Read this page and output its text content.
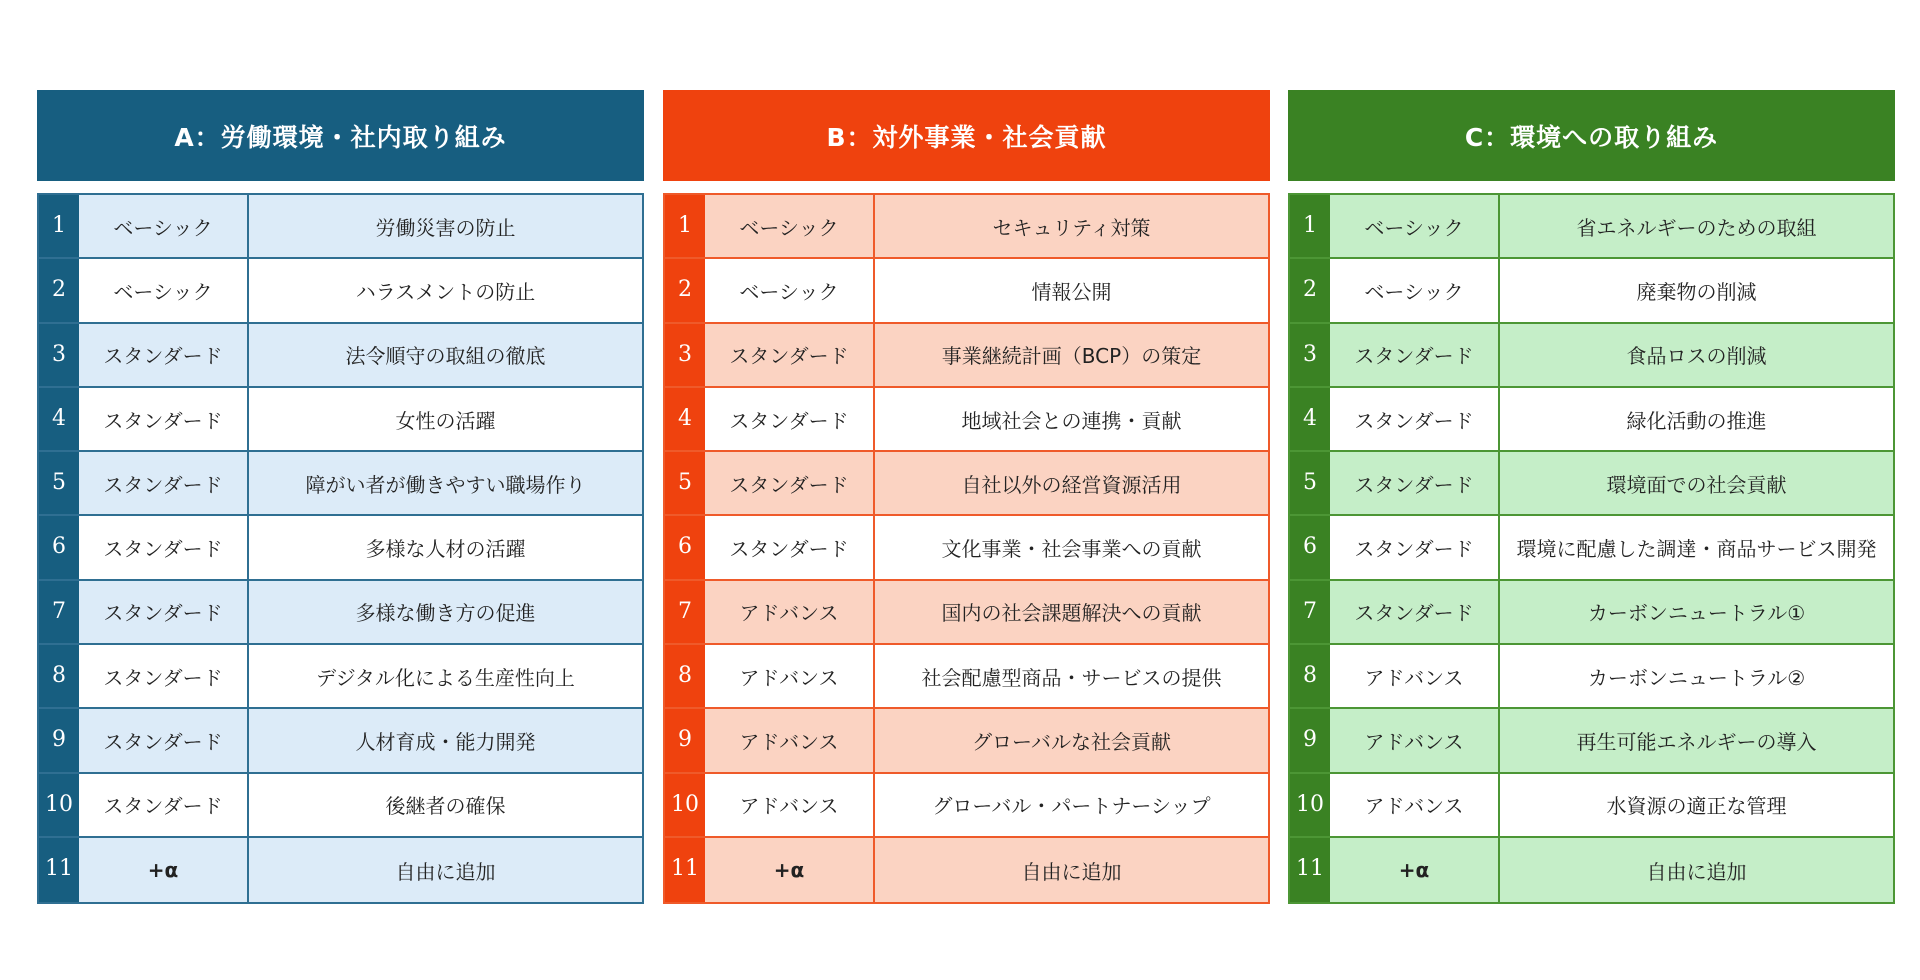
A：労働環境・社内取り組み
1	ベーシック	労働災害の防止
2	ベーシック	ハラスメントの防止
3	スタンダード	法令順守の取組の徹底
4	スタンダード	女性の活躍
5	スタンダード	障がい者が働きやすい職場作り
6	スタンダード	多様な人材の活躍
7	スタンダード	多様な働き方の促進
8	スタンダード	デジタル化による生産性向上
9	スタンダード	人材育成・能力開発
10	スタンダード	後継者の確保
11	+α	自由に追加
B：対外事業・社会貢献
1	ベーシック	セキュリティ対策
2	ベーシック	情報公開
3	スタンダード	事業継続計画（BCP）の策定
4	スタンダード	地域社会との連携・貢献
5	スタンダード	自社以外の経営資源活用
6	スタンダード	文化事業・社会事業への貢献
7	アドバンス	国内の社会課題解決への貢献
8	アドバンス	社会配慮型商品・サービスの提供
9	アドバンス	グローバルな社会貢献
10	アドバンス	グローバル・パートナーシップ
11	+α	自由に追加
C：環境への取り組み
1	ベーシック	省エネルギーのための取組
2	ベーシック	廃棄物の削減
3	スタンダード	食品ロスの削減
4	スタンダード	緑化活動の推進
5	スタンダード	環境面での社会貢献
6	スタンダード	環境に配慮した調達・商品サービス開発
7	スタンダード	カーボンニュートラル①
8	アドバンス	カーボンニュートラル②
9	アドバンス	再生可能エネルギーの導入
10	アドバンス	水資源の適正な管理
11	+α	自由に追加
